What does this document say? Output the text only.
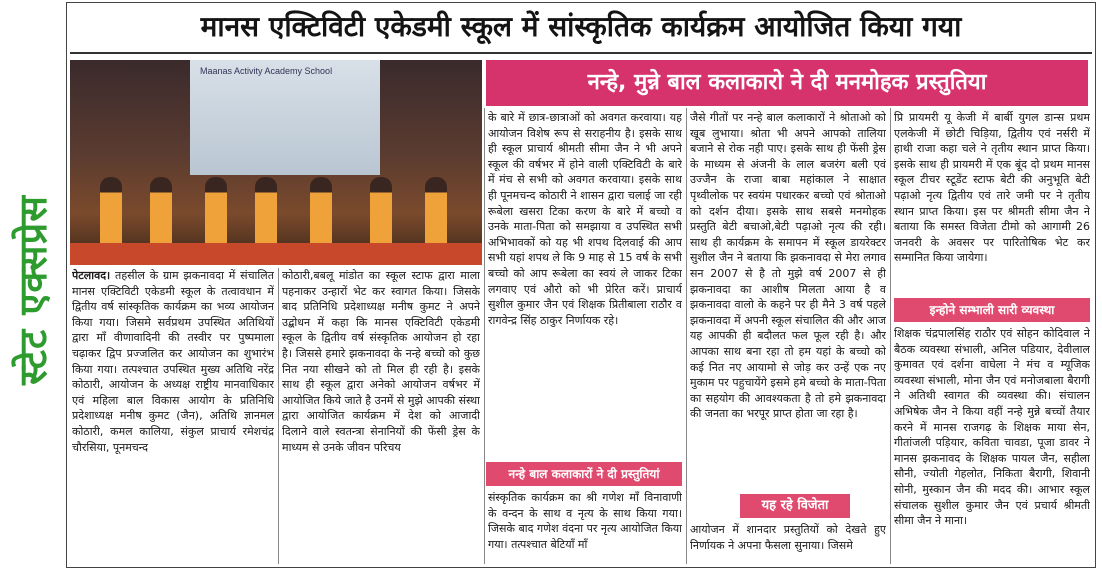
स्टेट एक्सप्रेस
मानस एक्टिविटी एकेडमी स्कूल में सांस्कृतिक कार्यक्रम आयोजित किया गया
Maanas Activity Academy School	नन्हे, मुन्ने बाल कलाकारो ने दी मनमोहक प्रस्तुतिया
पेटलावद। तहसील के ग्राम झकनावदा में संचालित मानस एक्टिविटी एकेडमी स्कूल के तत्वावधान में द्वितीय वर्ष सांस्कृतिक कार्यक्रम का भव्य आयोजन किया गया। जिसमे सर्वप्रथम उपस्थित अतिथियों द्वारा माँ वीणावादिनी की तस्वीर पर पुष्पमाला चढ़ाकर द्विप प्रज्जलित कर आयोजन का शुभारंभ किया गया। तत्पश्चात उपस्थित मुख्य अतिथि नरेंद्र कोठारी, आयोजन के अध्यक्ष राष्ट्रीय मानवाधिकार एवं महिला बाल विकास आयोग के प्रतिनिधि प्रदेशाध्यक्ष मनीष कुमट (जैन), अतिथि ज्ञानमल कोठारी, कमल कालिया, संकुल प्राचार्य रमेशचंद्र चौरसिया, पूनमचन्द
कोठारी,बबलू मांडोत का स्कूल स्टाफ द्वारा माला पहनाकर उन्हारों भेट कर स्वागत किया। जिसके बाद प्रतिनिधि प्रदेशाध्यक्ष मनीष कुमट ने अपने उद्बोधन में कहा कि मानस एक्टिविटी एकेडमी स्कूल के द्वितीय वर्ष संस्कृतिक आयोजन हो रहा है। जिससे हमारे झकनावदा के नन्हे बच्चो को कुछ नित नया सीखने को तो मिल ही रही है। इसके साथ ही स्कूल द्वारा अनेको आयोजन वर्षभर में आयोजित किये जाते है उनमें से मुझे आपकी संस्था द्वारा आयोजित कार्यक्रम में देश को आजादी दिलाने वाले स्वतन्त्रा सेनानियों की फेंसी ड्रेस के माध्यम से उनके जीवन परिचय
के बारे में छात्र-छात्राओं को अवगत करवाया। यह आयोजन विशेष रूप से सराहनीय है। इसके साथ ही स्कूल प्राचार्य श्रीमती सीमा जैन ने भी अपने स्कूल की वर्षभर में होने वाली एक्टिविटी के बारे में मंच से सभी को अवगत करवाया। इसके साथ ही पूनमचन्द कोठारी ने शासन द्वारा चलाई जा रही रूबेला खसरा टिका करण के बारे में बच्चो व उनके माता-पिता को समझाया व उपस्थित सभी अभिभावकों को यह भी शपथ दिलवाई की आप सभी यहां शपथ ले कि 9 माह से 15 वर्ष के सभी बच्चो को आप रूबेला का स्वयं ले जाकर टिका लगवाए एवं औरो को भी प्रेरित करें। प्राचार्य सुशील कुमार जैन एवं शिक्षक प्रितीबाला राठौर व रागवेन्द्र सिंह ठाकुर निर्णायक रहे।
नन्हे बाल कलाकारों ने दी प्रस्तुतियां
संस्कृतिक कार्यक्रम का श्री गणेश माँ विनावाणी के वन्दन के साथ व नृत्य के साथ किया गया। जिसके बाद गणेश वंदना पर नृत्य आयोजित किया गया। तत्पश्चात बेटियाँ माँ
जैसे गीतों पर नन्हे बाल कलाकारों ने श्रोताओ को खूब लुभाया। श्रोता भी अपने आपको तालिया बजाने से रोक नही पाए। इसके साथ ही फेंसी ड्रेस के माध्यम से अंजनी के लाल बजरंग बली एवं उज्जैन के राजा बाबा महांकाल ने साक्षात पृथ्वीलोक पर स्वयंम पधारकर बच्चो एवं श्रोताओ को दर्शन दीया। इसके साथ सबसे मनमोहक प्रस्तुति बेटी बचाओ,बेटी पढ़ाओ नृत्य की रही। साथ ही कार्यक्रम के समापन में स्कूल डायरेक्टर सुशील जैन ने बताया कि झकनावदा से मेरा लगाव सन 2007 से है तो मुझे वर्ष 2007 से ही झकनावदा का आशीष मिलता आया है व झकनावदा वालो के कहने पर ही मैने 3 वर्ष पहले झकनावदा में अपनी स्कूल संचालित की और आज यह आपकी ही बदौलत फल फूल रही है। और आपका साथ बना रहा तो हम यहां के बच्चो को कई नित नए आयामो से जोड़ कर उन्हें एक नए मुकाम पर पहुचायेंगे इसमे हमे बच्चो के माता-पिता का सहयोग की आवश्यकता है तो हमे झकनावदा की जनता का भरपूर प्राप्त होता जा रहा है।
यह रहे विजेता
आयोजन में शानदार प्रस्तुतियों को देखते हुए निर्णायक ने अपना फैसला सुनाया। जिसमे
प्रि प्रायमरी यू केजी में बार्बी युगल डान्स प्रथम एलकेजी में छोटी चिड़िया, द्वितीय एवं नर्सरी में हाथी राजा कहा चले ने तृतीय स्थान प्राप्त किया। इसके साथ ही प्रायमरी में एक बूंद दो प्रथम मानस स्कूल टीचर स्टूडेंट स्टाफ बेटी की अनुभूति बेटी पढ़ाओ नृत्य द्वितीय एवं तारे जमी पर ने तृतीय स्थान प्राप्त किया। इस पर श्रीमती सीमा जैन ने बताया कि समस्त विजेता टीमो को आगामी 26 जनवरी के अवसर पर पारितोषिक भेट कर सम्मानित किया जायेगा।
इन्होने सम्भाली सारी व्यवस्था
शिक्षक चंद्रपालसिंह राठौर एवं सोहन कोदिवाल ने बैठक व्यवस्था संभाली, अनिल पडियार, देवीलाल कुमावत एवं दर्शना वाघेला ने मंच व म्यूजिक व्यवस्था संभाली, मोना जैन एवं मनोजबाला बैरागी ने अतिथी स्वागत की व्यवस्था की। संचालन अभिषेक जैन ने किया वहीं नन्हे मुन्ने बच्चों तैयार करने में मानस राजगढ़ के शिक्षक माया सेन, गीतांजली पड़ियार, कविता चावडा, पूजा डावर ने मानस झकनावद के शिक्षक पायल जैन, सहीला सौनी, ज्योती गेहलोत, निकिता बैरागी, शिवानी सोनी, मुस्कान जैन की मदद की। आभार स्कूल संचालक सुशील कुमार जैन एवं प्रचार्य श्रीमती सीमा जैन ने माना।
